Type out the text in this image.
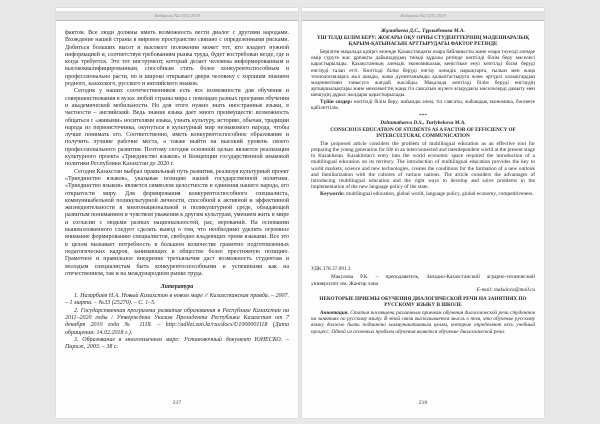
Хабаршы №2 (55) 2019

фактом. Все люди должны иметь возможность вести диалог с другими народами. Вхождение нашей страны в мировое пространство связано с определенными рисками. Добиться больших высот и высокого положения может тот, кто владеет нужной информацией и, соответствуя требованиям рынка труда, будет востребован везде, где и когда требуется. Это тот инструмент, который делает человека информированным и высококвалифицированным, способным стать более конкурентоспособным и профессионально расти, но и широко открывает двери человеку с хорошим знанием родного, казахского, русского и английского языков.

Сегодня у наших соотечественников есть все возможности для обучения и совершенствования в вузах любой страны мира с помощью разных программ обучения и академической мобильности. Но для этого нужно знать иностранные языки, в частности – английский. Ведь знание языка дает много преимуществ: возможность общаться с «живыми» носителями языка, узнать культуру, историю, обычаи, традиции народа из первоисточника, окунуться в культурный мир незнакомого народа, чтобы лучше понимать его. Соответственно, иметь конкурентоспособное образование и получить лучшие рабочие места, а также выйти на высокий уровень своего профессионального развития. Поэтому сегодня основной целью является реализация культурного проекта «Триединство языков» и Концепции государственной языковой политики Республики Казахстан до 2020 г.

Сегодня Казахстан выбрал правильный путь развития, реализуя культурный проект «Триединство языков», указывая позицию нашей государственной политики. «Триединство языков» является символом целостности и единения нашего народа, его открытости миру. Для формирования конкурентоспособного специалиста, коммуникабельной поликультурной личности, способной к активной и эффективной жизнедеятельности в многонациональной и поликультурной среде, обладающей развитым пониманием и чувством уважения к другим культурам, умением жить в мире и согласии с людьми разных национальностей, рас, верований. На основании вышеизложенного следует сделать вывод о том, что необходимо уделить огромное внимание формированию специалистов, свободно владеющих тремя языками. Все это в целом вызывает потребность в большом количестве грамотно подготовленных педагогических кадров, занимающих в обществе более престижную позицию. Грамотное и правильное внедрение трехъязычия даст возможность студентам и молодым специалистам быть конкурентоспособными и успешными как на отечественном, так и на международном рынке труда.

Литература

1. Назарбаев Н.А. Новый Казахстан в новом мире // Казахстанская правда. – 2007. – 1 марта. – №33 (25270). – С. 1–5.

2. Государственная программа развития образования в Республике Казахстан на 2011–2020 годы / Утверждена Указом Президента Республики Казахстан от 7 декабря 2010 года № 1118. – http://adilet.zan.kz/rus/docs/U1000001118 (Дата обращения: 14.02.2018 г.).

3. Образование в многоязычном мире: Установочный документ ЮНЕСКО. – Париж, 2003. – 38 с.

217
Хабаршы №2 (55) 2019

Жұмабаева Д.С., Тұрлыбекова М.А.

ҮШ ТІЛДІ БІЛІМ БЕРУ: ЖОҒАРЫ ОҚУ ОРНЫ СТУДЕНТТЕРІНІҢ МӘДЕНИАРАЛЫҚ ҚАРЫМ-ҚАТЫНАСЫН АРТТЫРУДАҒЫ ФАКТОР РЕТІНДЕ

Берілген мақалада қазіргі кезеңде Қазақстандағы өзара байланысты және өзара тәуелді әлемде өмір сүруге жас ұрпақты дайындаудың тиімді құралы ретінде көптілді білім беру мәселесі қарастырылады. Қазақстанның әлемдік экономикалық кеңістікке енуі көптілді білім беруді енгізуді талап етті. Көптілді білім беруді енгізу әлемдік нарықтарға, ғылым мен жаңа технологияларға жол ашады, жаңа дүниетанымды қалыптастыруға және әртүрлі халықтардың мәдениетімен танысуға жағдай жасайды. Мақалада көптілді білім беруді енгізудің артықшылықтары және мемлекеттің жаңа тіл саясатын жүзеге асырудағы мәселелерді дамыту мен шешудің дұрыс жолдары қарастырылады.

Түйін сөздер: көптілді білім беру, жаһанды әлем, тіл саясаты, жаһандық экономика, бәсекеге қабілеттілік.

***

Dzhumabaeva D.S., Turlybekova M.A.

CONSCIOUS EDUCATION OF STUDENTS AS A FACTOR OF EFFICIENCY OF INTERCULTURAL COMMUNICATION

The proposed article considers the problem of multilingual education as an effective tool for preparing the young generation for life in an interconnected and interdependent world at the present stage in Kazakhstan. Kazakhstan's entry into the world economic space required the introduction of a multilingual education on its territory. The introduction of multilingual education provides the key to world markets, science and new technologies, creates the conditions for the formation of a new outlook and familiarization with the cultures of various nations. The article considers the advantages of introducing multilingual education and the right ways to develop and solve problems in the implementation of the new language policy of the state.

Keywords: multilingual education, global world, language policy, global economy, competitiveness.

УДК 378.37.091.3

Макулова Р.К. – преподаватель, Западно-Казахстанский аграрно-технический университет им. Жангир хана

E-mail: makulova@mail.ru

НЕКОТОРЫЕ ПРИЕМЫ ОБУЧЕНИЯ ДИАЛОГИЧЕСКОЙ РЕЧИ НА ЗАНЯТИЯХ ПО РУССКОМУ ЯЗЫКУ В ШКОЛЕ

Аннотация. Статья посвящена различным приемам обучения диалогической речи студентов на занятиях по русскому языку. В этой связи высказывается мысль о том, что обучение русскому языку должно быть подчинено коммуникативным целям, которые определяют весь учебный процесс. Одной из основных проблем обучения является обучение диалогической речи.

218
